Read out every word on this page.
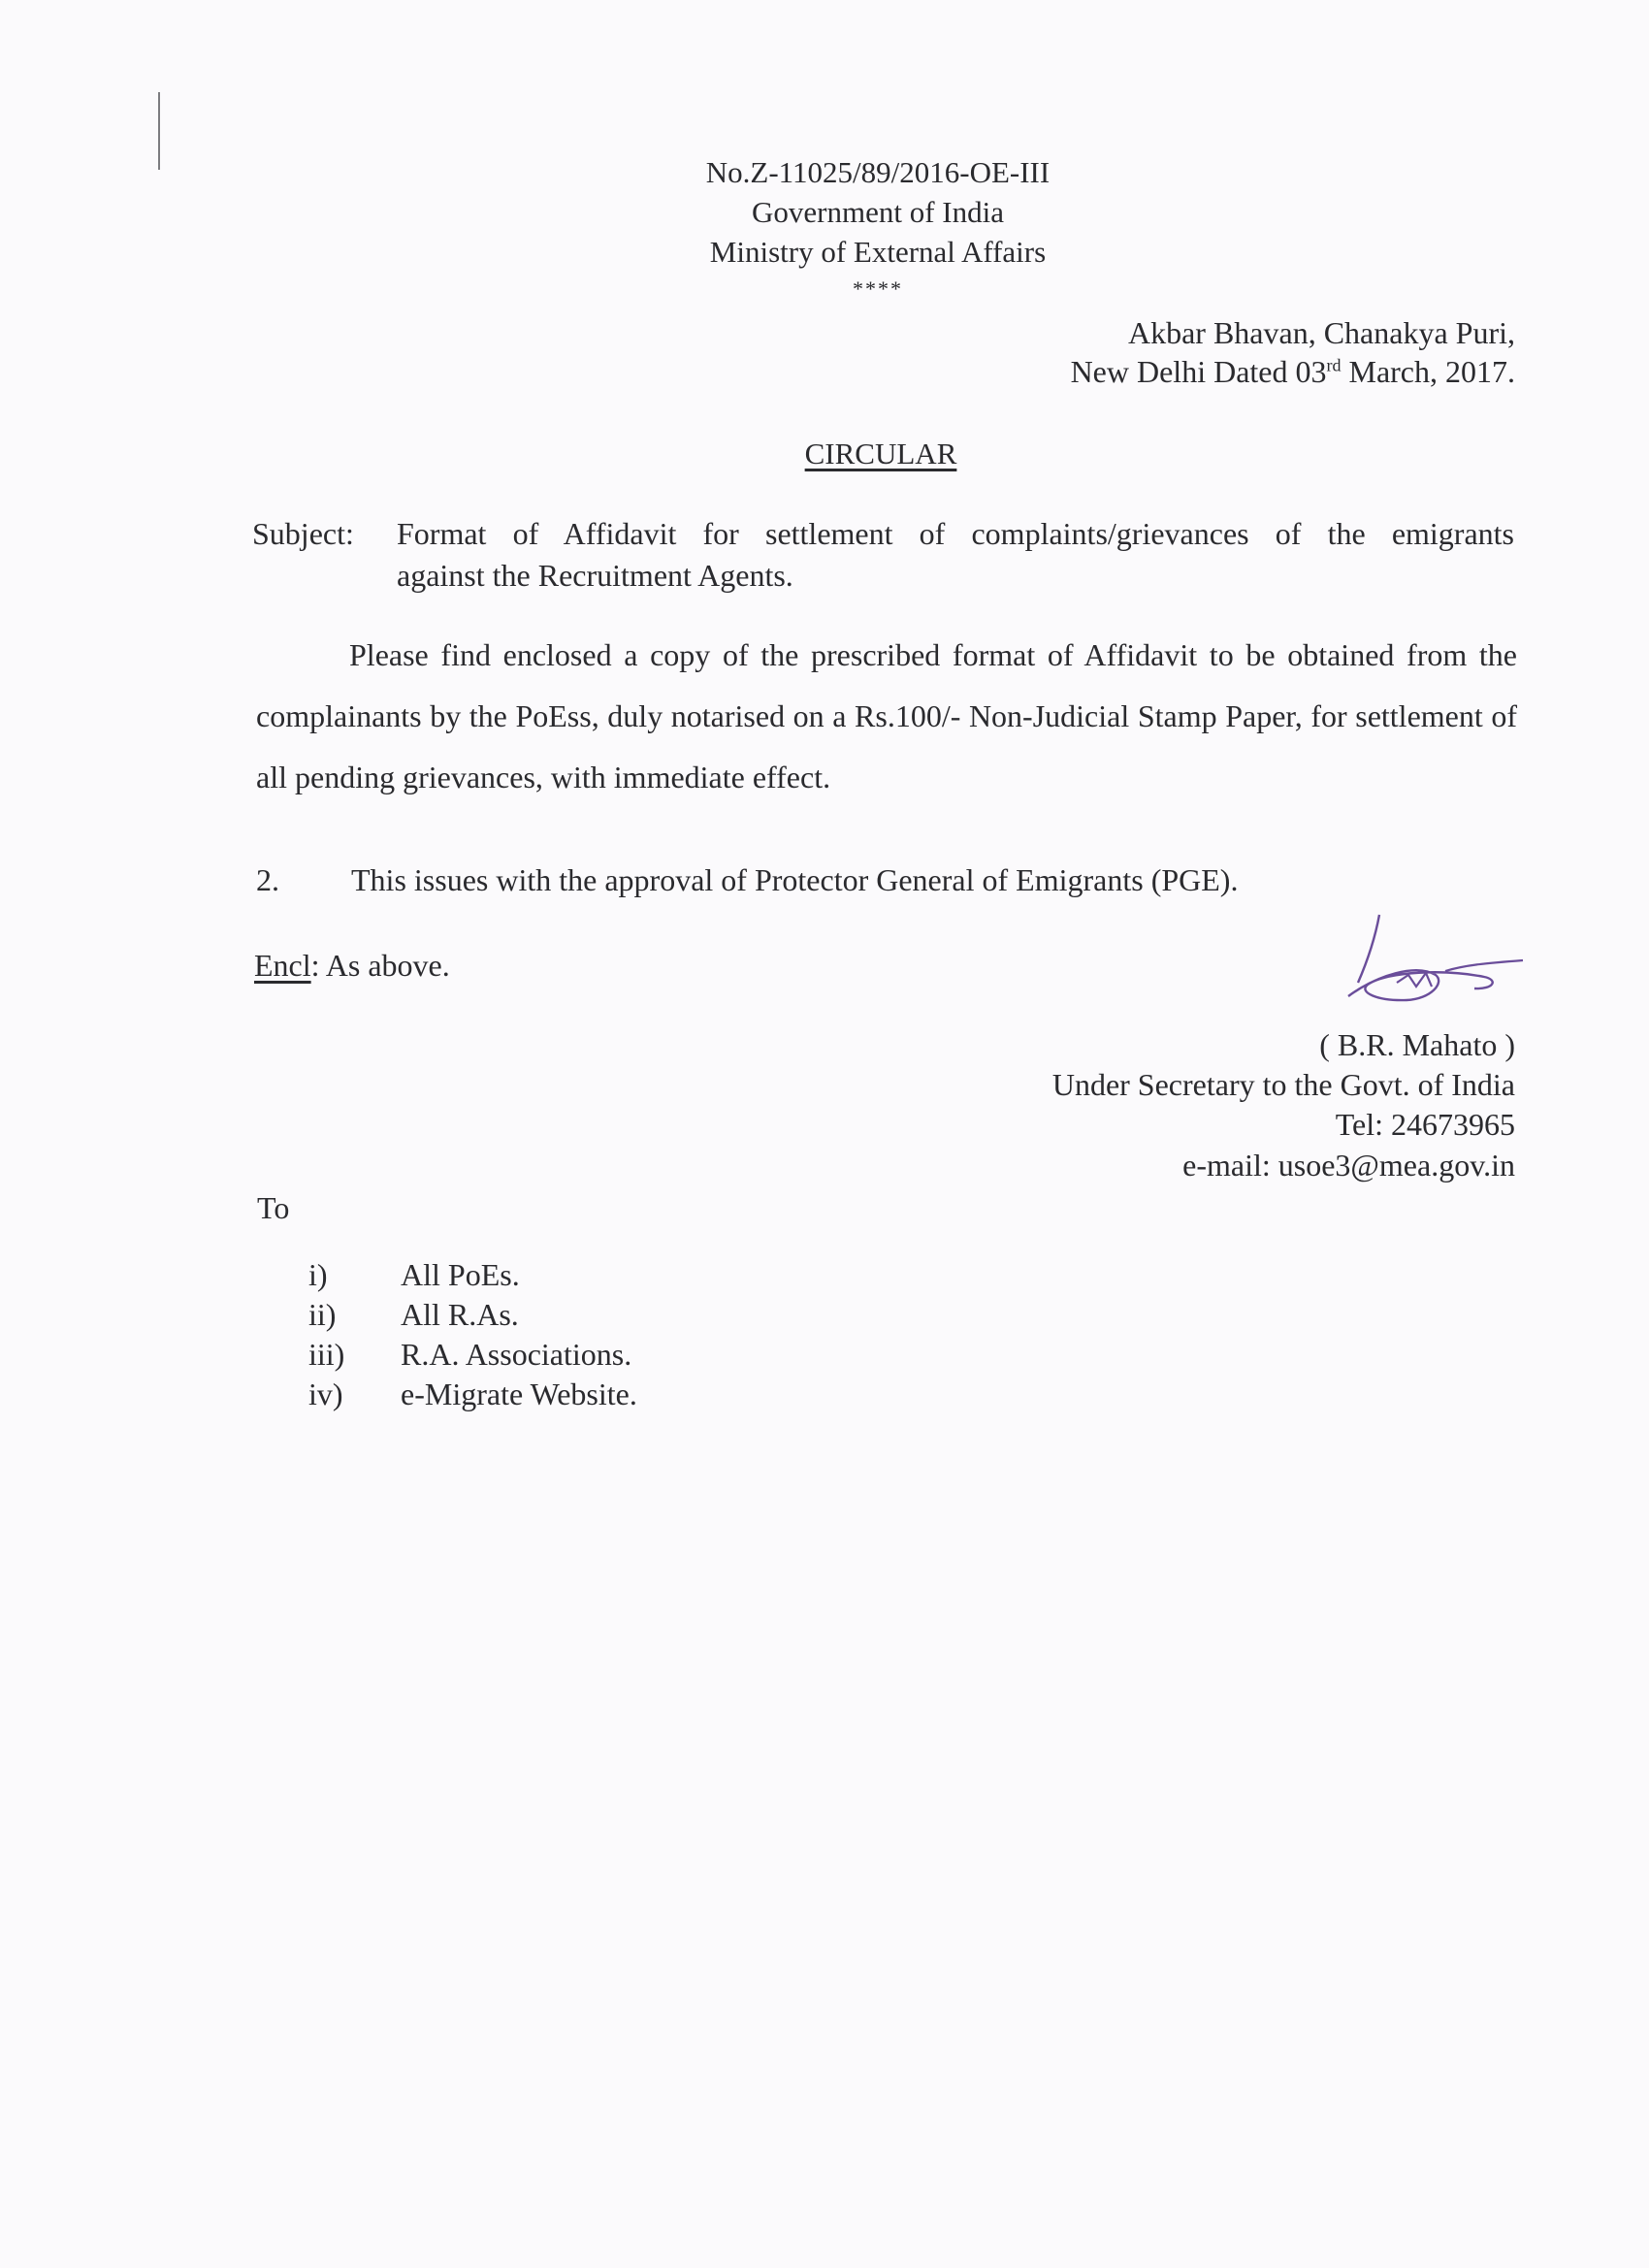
No.Z-11025/89/2016-OE-III
Government of India
Ministry of External Affairs
****
Akbar Bhavan, Chanakya Puri,
New Delhi Dated 03rd March, 2017.
CIRCULAR
Subject: Format of Affidavit for settlement of complaints/grievances of the emigrants
against the Recruitment Agents.
Please find enclosed a copy of the prescribed format of Affidavit to be obtained from the complainants by the PoEss, duly notarised on a Rs.100/- Non-Judicial Stamp Paper, for settlement of all pending grievances, with immediate effect.
2. This issues with the approval of Protector General of Emigrants (PGE).
Encl: As above.
( B.R. Mahato )
Under Secretary to the Govt. of India
Tel: 24673965
e-mail: usoe3@mea.gov.in
To
i) All PoEs.
ii) All R.As.
iii) R.A. Associations.
iv) e-Migrate Website.
